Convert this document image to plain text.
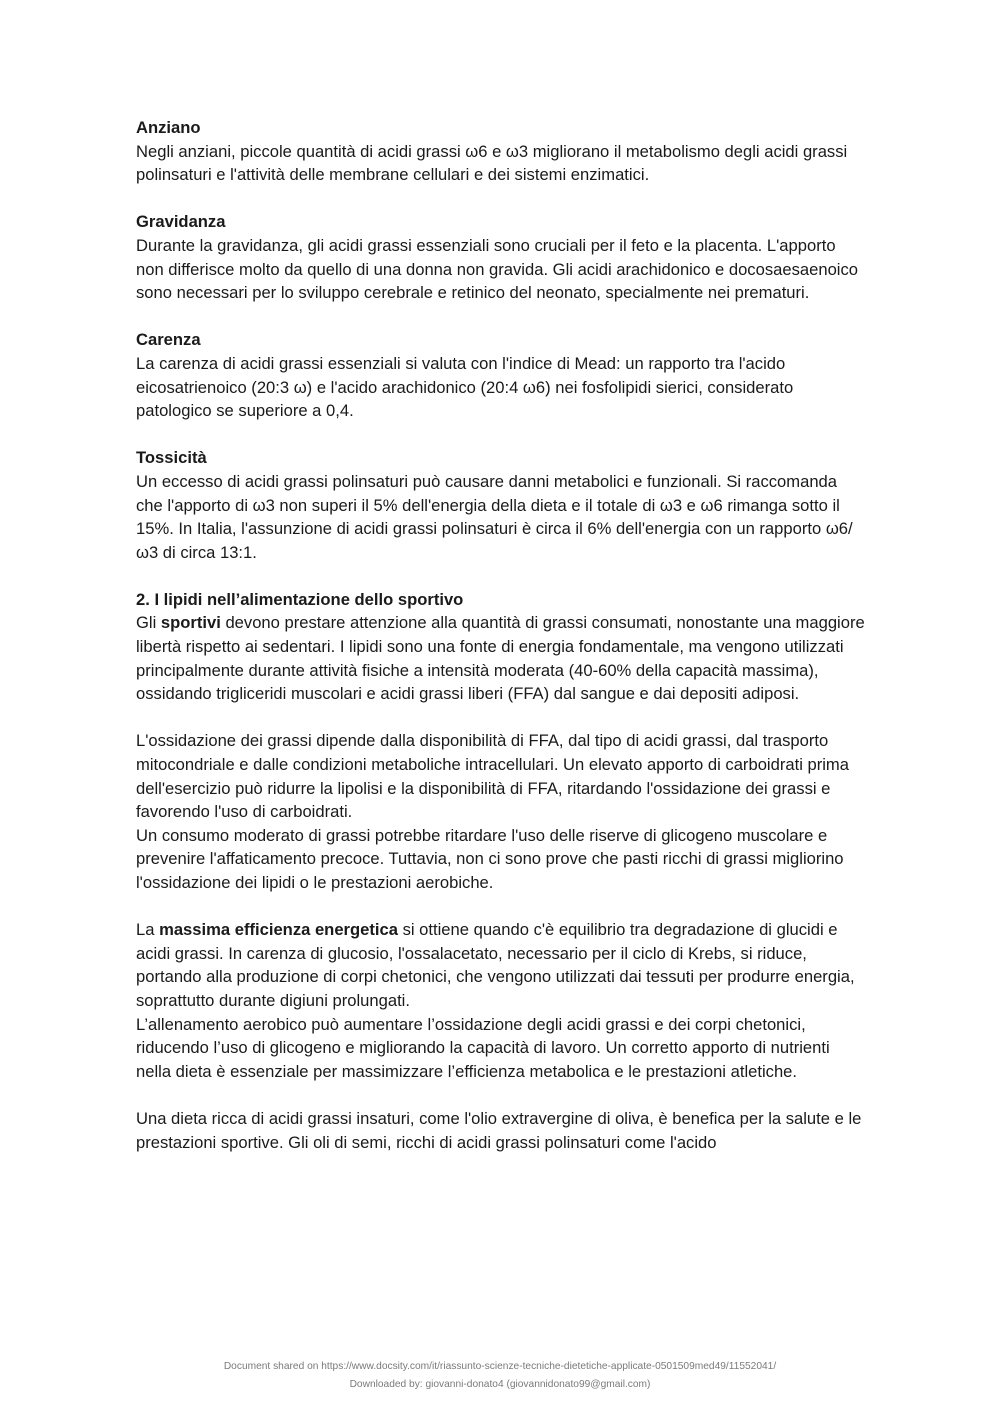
Anziano

Negli anziani, piccole quantità di acidi grassi ω6 e ω3 migliorano il metabolismo degli acidi grassi polinsaturi e l'attività delle membrane cellulari e dei sistemi enzimatici.

Gravidanza

Durante la gravidanza, gli acidi grassi essenziali sono cruciali per il feto e la placenta. L'apporto non differisce molto da quello di una donna non gravida. Gli acidi arachidonico e docosaesaenoico sono necessari per lo sviluppo cerebrale e retinico del neonato, specialmente nei prematuri.

Carenza

La carenza di acidi grassi essenziali si valuta con l'indice di Mead: un rapporto tra l'acido eicosatrienoico (20:3 ω) e l'acido arachidonico (20:4 ω6) nei fosfolipidi sierici, considerato patologico se superiore a 0,4.

Tossicità

Un eccesso di acidi grassi polinsaturi può causare danni metabolici e funzionali. Si raccomanda che l'apporto di ω3 non superi il 5% dell'energia della dieta e il totale di ω3 e ω6 rimanga sotto il 15%. In Italia, l'assunzione di acidi grassi polinsaturi è circa il 6% dell'energia con un rapporto ω6/ω3 di circa 13:1.

2. I lipidi nell’alimentazione dello sportivo

Gli sportivi devono prestare attenzione alla quantità di grassi consumati, nonostante una maggiore libertà rispetto ai sedentari. I lipidi sono una fonte di energia fondamentale, ma vengono utilizzati principalmente durante attività fisiche a intensità moderata (40-60% della capacità massima), ossidando trigliceridi muscolari e acidi grassi liberi (FFA) dal sangue e dai depositi adiposi.

L'ossidazione dei grassi dipende dalla disponibilità di FFA, dal tipo di acidi grassi, dal trasporto mitocondriale e dalle condizioni metaboliche intracellulari. Un elevato apporto di carboidrati prima dell'esercizio può ridurre la lipolisi e la disponibilità di FFA, ritardando l'ossidazione dei grassi e favorendo l'uso di carboidrati.

Un consumo moderato di grassi potrebbe ritardare l'uso delle riserve di glicogeno muscolare e prevenire l'affaticamento precoce. Tuttavia, non ci sono prove che pasti ricchi di grassi migliorino l'ossidazione dei lipidi o le prestazioni aerobiche.

La massima efficienza energetica si ottiene quando c'è equilibrio tra degradazione di glucidi e acidi grassi. In carenza di glucosio, l'ossalacetato, necessario per il ciclo di Krebs, si riduce, portando alla produzione di corpi chetonici, che vengono utilizzati dai tessuti per produrre energia, soprattutto durante digiuni prolungati.

L’allenamento aerobico può aumentare l’ossidazione degli acidi grassi e dei corpi chetonici, riducendo l’uso di glicogeno e migliorando la capacità di lavoro. Un corretto apporto di nutrienti nella dieta è essenziale per massimizzare l’efficienza metabolica e le prestazioni atletiche.

Una dieta ricca di acidi grassi insaturi, come l'olio extravergine di oliva, è benefica per la salute e le prestazioni sportive. Gli oli di semi, ricchi di acidi grassi polinsaturi come l'acido

Document shared on https://www.docsity.com/it/riassunto-scienze-tecniche-dietetiche-applicate-0501509med49/11552041/
Downloaded by: giovanni-donato4 (giovannidonato99@gmail.com)
